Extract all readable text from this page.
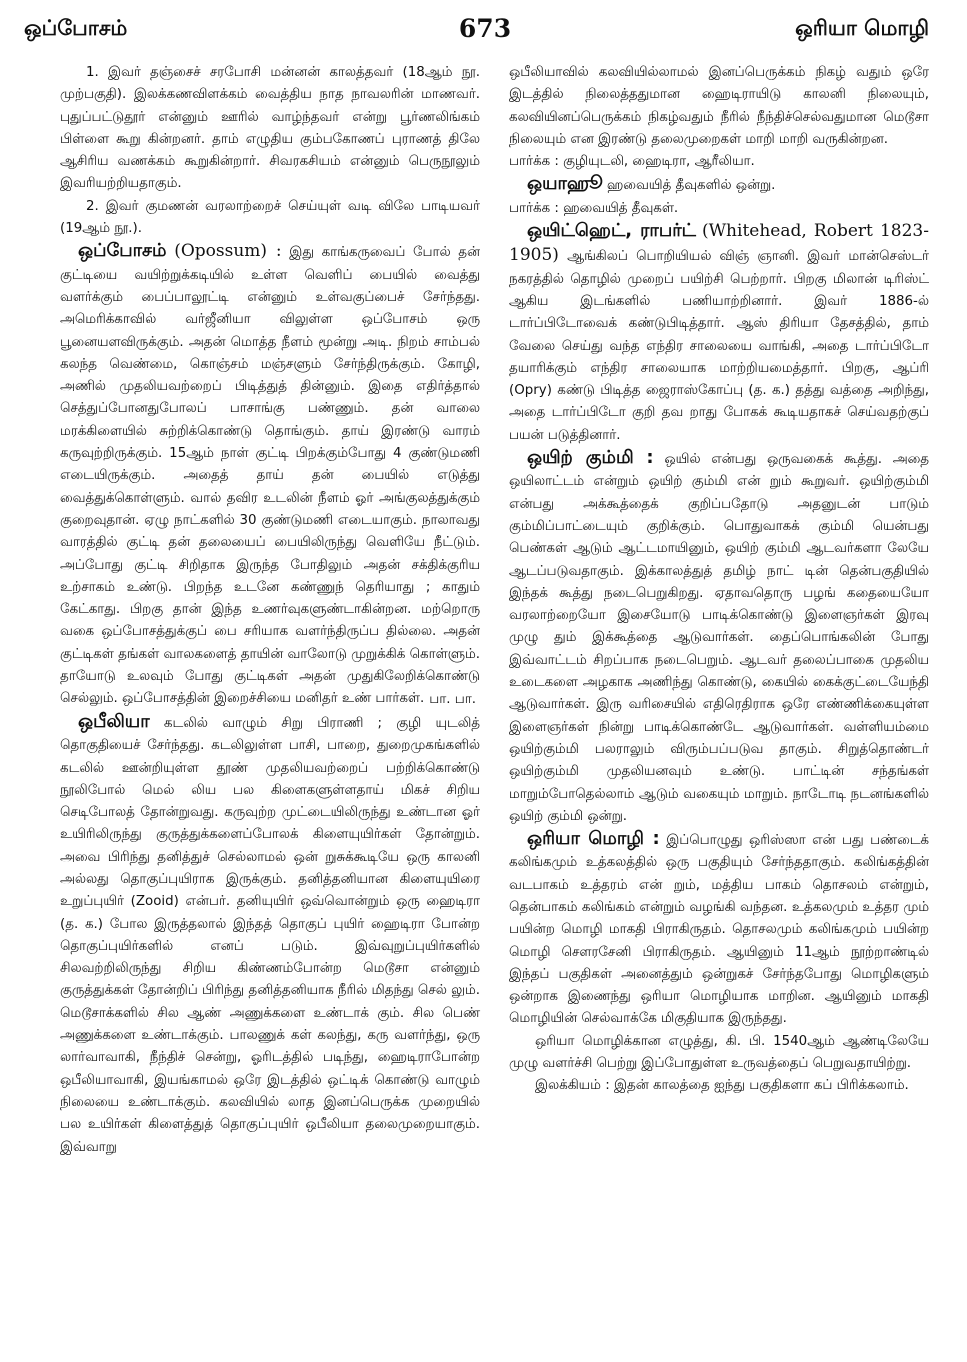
ஒப்போசம்	673	ஒரியா மொழி

1. இவர் தஞ்சைச் சரபோசி மன்னன் காலத்தவர் (18ஆம் நூ. முற்பகுதி). இலக்கணவிளக்கம் வைத்திய நாத நாவலரின் மாணவர். புதுப்பட்டுதூர் என்னும் ஊரில் வாழ்ந்தவர் என்று பூர்ணலிங்கம் பிள்ளை கூறு கின்றனர். தாம் எழுதிய கும்பகோணப் புராணத் திலே ஆசிரிய வணக்கம் கூறுகின்றார். சிவரகசியம் என்னும் பெருநூலும் இவரியற்றியதாகும்.

2. இவர் குமணன் வரலாற்றைச் செய்யுள் வடி விலே பாடியவர் (19ஆம் நூ.).

ஒப்போசம் (Opossum) : இது காங்கருவைப் போல் தன் குட்டியை வயிற்றுக்கடியில் உள்ள வெளிப் பையில் வைத்து வளர்க்கும் பைப்பாலூட்டி என்னும் உள்வகுப்பைச் சேர்ந்தது. அமெரிக்காவில் வர்ஜீனியா விலுள்ள ஒப்போசம் ஒரு பூனையளவிருக்கும். அதன் மொத்த நீளம் மூன்று அடி. நிறம் சாம்பல் கலந்த வெண்மை, கொஞ்சம் மஞ்சளும் சேர்ந்திருக்கும். கோழி, அணில் முதலியவற்றைப் பிடித்துத் தின்னும். இதை எதிர்த்தால் செத்துப்போனதுபோலப் பாசாங்கு பண்ணும். தன் வாலை மரக்கிளையில் சுற்றிக்கொண்டு தொங்கும். தாய் இரண்டு வாரம் கருவுற்றிருக்கும். 15ஆம் நாள் குட்டி பிறக்கும்போது 4 குண்டுமணி எடையிருக்கும். அதைத் தாய் தன் பையில் எடுத்து வைத்துக்கொள்ளும். வால் தவிர உடலின் நீளம் ஓர் அங்குலத்துக்கும் குறைவுதான். ஏழு நாட்களில் 30 குண்டுமணி எடையாகும். நாலாவது வாரத்தில் குட்டி தன் தலையைப் பையிலிருந்து வெளியே நீட்டும். அப்போது குட்டி சிறிதாக இருந்த போதிலும் அதன் சக்திக்குரிய உற்சாகம் உண்டு. பிறந்த உடனே கண்ணுந் தெரியாது ; காதும் கேட்காது. பிறகு தான் இந்த உணர்வுகளுண்டாகின்றன. மற்றொரு வகை ஒப்போசத்துக்குப் பை சரியாக வளர்ந்திருப்ப தில்லை. அதன் குட்டிகள் தங்கள் வாலகளைத் தாயின் வாலோடு முறுக்கிக் கொள்ளும். தாயோடு உலவும் போது குட்டிகள் அதன் முதுகிலேறிக்கொண்டு செல்லும். ஒப்போசத்தின் இறைச்சியை மனிதர் உண் பார்கள். பா. பா.

ஒபீலியா கடலில் வாழும் சிறு பிராணி ; குழி யுடலித் தொகுதியைச் சேர்ந்தது. கடலிலுள்ள பாசி, பாறை, துறைமுகங்களில் கடலில் ஊன்றியுள்ள தூண் முதலியவற்றைப் பற்றிக்கொண்டு நூலிபோல் மெல் லிய பல கிளைகளுள்ளதாய் மிகச் சிறிய செடிபோலத் தோன்றுவது. கருவுற்ற முட்டையிலிருந்து உண்டான ஓர் உயிரிலிருந்து குருத்துக்களைப்போலக் கிளையுயிர்கள் தோன்றும். அவை பிரிந்து தனித்துச் செல்லாமல் ஒன் றுசுக்கூடியே ஒரு காலனி அல்லது தொகுப்புயிராக இருக்கும். தனித்தனியான கிளையுயிரை உறுப்புயிர் (Zooid) என்பர். தனியுயிர் ஒவ்வொன்றும் ஒரு ஹைடிரா (த. க.) போல இருத்தலால் இந்தத் தொகுப் புயிர் ஹைடிரா போன்ற தொகுப்புயிர்களில் எனப் படும். இவ்வுறுப்புயிர்களில் சிலவற்றிலிருந்து சிறிய கிண்ணம்போன்ற மெடூசா என்னும் குருத்துக்கள் தோன்றிப் பிரிந்து தனித்தனியாக நீரில் மிதந்து செல் லும். மெடூசாக்களில் சில ஆண் அணுக்களை உண்டாக் கும். சில பெண் அணுக்களை உண்டாக்கும். பாலணுக் கள் கலந்து, கரு வளர்ந்து, ஒரு லார்வாவாகி, நீந்திச் சென்று, ஓரிடத்தில் படிந்து, ஹைடிராபோன்ற ஒபீலியாவாகி, இயங்காமல் ஒரே இடத்தில் ஒட்டிக் கொண்டு வாழும் நிலையை உண்டாக்கும். கலவியில் லாத இனப்பெருக்க முறையில் பல உயிர்கள் கிளைத்துத் தொகுப்புயிர் ஒபீலியா தலைமுறையாகும். இவ்வாறு

ஒபீலியாவில் கலவியில்லாமல் இனப்பெருக்கம் நிகழ் வதும் ஒரே இடத்தில் நிலைத்ததுமான ஹைடிராயிடு காலனி நிலையும், கலவியினப்பெருக்கம் நிகழ்வதும் நீரில் நீந்திச்செல்வதுமான மெடூசா நிலையும் என இரண்டு தலைமுறைகள் மாறி மாறி வருகின்றன.

பார்க்க : குழியுடலி, ஹைடிரா, ஆரீலியா.

ஒயாஹூ ஹவையித் தீவுகளில் ஒன்று.

பார்க்க : ஹவையித் தீவுகள்.

ஒயிட்ஹெட், ராபர்ட் (Whitehead, Robert 1823-1905) ஆங்கிலப் பொறியியல் விஞ் ஞானி. இவர் மான்செஸ்டர் நகரத்தில் தொழில் முறைப் பயிற்சி பெற்றார். பிறகு மிலான் டிரிஸ்ட் ஆகிய இடங்களில் பணியாற்றினார். இவர் 1886-ல் டார்ப்பிடோவைக் கண்டுபிடித்தார். ஆஸ் திரியா தேசத்தில், தாம் வேலை செய்து வந்த எந்திர சாலையை வாங்கி, அதை டார்ப்பிடோ தயாரிக்கும் எந்திர சாலையாக மாற்றியமைத்தார். பிறகு, ஆப்ரி (Opry) கண்டு பிடித்த ஜைராஸ்கோப்பு (த. க.) தத்து வத்தை அறிந்து, அதை டார்ப்பிடோ குறி தவ றாது போகக் கூடியதாகச் செய்வதற்குப் பயன் படுத்தினார்.

ஒயிற் கும்மி : ஒயில் என்பது ஒருவகைக் கூத்து. அதை ஒயிலாட்டம் என்றும் ஒயிற் கும்மி என் றும் கூறுவர். ஒயிற்கும்மி என்பது அக்கூத்தைக் குறிப்பதோடு அதனுடன் பாடும் கும்மிப்பாட்டையும் குறிக்கும். பொதுவாகக் கும்மி யென்பது பெண்கள் ஆடும் ஆட்டமாயினும், ஒயிற் கும்மி ஆடவர்களா லேயே ஆடப்படுவதாகும். இக்காலத்துத் தமிழ் நாட் டின் தென்பகுதியில் இந்தக் கூத்து நடைபெறுகிறது. ஏதாவதொரு பழங் கதையையோ வரலாற்றையோ இசையோடு பாடிக்கொண்டு இளைஞர்கள் இரவு முழு தும் இக்கூத்தை ஆடுவார்கள். தைப்பொங்கலின் போது இவ்வாட்டம் சிறப்பாக நடைபெறும். ஆடவர் தலைப்பாகை முதலிய உடைகளை அழகாக அணிந்து கொண்டு, கையில் கைக்குட்டையேந்தி ஆடுவார்கள். இரு வரிசையில் எதிரெதிராக ஒரே எண்ணிக்கையுள்ள இளைஞர்கள் நின்று பாடிக்கொண்டே ஆடுவார்கள். வள்ளியம்மை ஒயிற்கும்மி பலராலும் விரும்பப்படுவ தாகும். சிறுத்தொண்டர் ஒயிற்கும்மி முதலியனவும் உண்டு. பாட்டின் சந்தங்கள் மாறும்போதெல்லாம் ஆடும் வகையும் மாறும். நாடோடி நடனங்களில் ஒயிற் கும்மி ஒன்று.

ஒரியா மொழி : இப்பொழுது ஒரிஸ்ஸா என் பது பண்டைக் கலிங்கமும் உத்கலத்தில் ஒரு பகுதியும் சேர்ந்ததாகும். கலிங்கத்தின் வடபாகம் உத்தரம் என் றும், மத்திய பாகம் தொசலம் என்றும், தென்பாகம் கலிங்கம் என்றும் வழங்கி வந்தன. உத்கலமும் உத்தர மும் பயின்ற மொழி மாகதி பிராகிருதம். தொசலமும் கலிங்கமும் பயின்ற மொழி சௌரசேனி பிராகிருதம். ஆயினும் 11ஆம் நூற்றாண்டில் இந்தப் பகுதிகள் அனைத்தும் ஒன்றுகச் சேர்ந்தபோது மொழிகளும் ஒன்றாக இணைந்து ஒரியா மொழியாக மாறின. ஆயினும் மாகதி மொழியின் செல்வாக்கே மிகுதியாக இருந்தது.

ஒரியா மொழிக்கான எழுத்து, கி. பி. 1540ஆம் ஆண்டிலேயே முழு வளர்ச்சி பெற்று இப்போதுள்ள உருவத்தைப் பெறுவதாயிற்று.

இலக்கியம் : இதன் காலத்தை ஐந்து பகுதிகளா கப் பிரிக்கலாம்.
